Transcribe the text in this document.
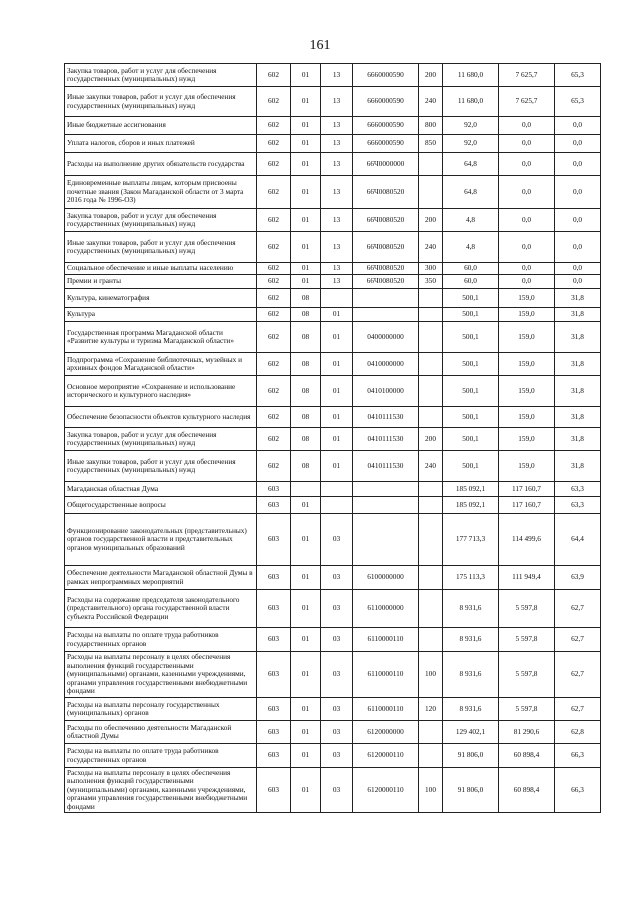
161
Закупка товаров, работ и услуг для обеспечения государственных (муниципальных) нужд	602	01	13	6660000590	200	11 680,0	7 625,7	65,3
Иные закупки товаров, работ и услуг для обеспечения государственных (муниципальных) нужд	602	01	13	6660000590	240	11 680,0	7 625,7	65,3
Иные бюджетные ассигнования	602	01	13	6660000590	800	92,0	0,0	0,0
Уплата налогов, сборов и иных платежей	602	01	13	6660000590	850	92,0	0,0	0,0
Расходы на выполнение других обязательств государства	602	01	13	66Ч0000000		64,8	0,0	0,0
Единовременные выплаты лицам, которым присвоены почетные звания (Закон Магаданской области от 3 марта 2016 года № 1996-ОЗ)	602	01	13	66Ч0080520		64,8	0,0	0,0
Закупка товаров, работ и услуг для обеспечения государственных (муниципальных) нужд	602	01	13	66Ч0080520	200	4,8	0,0	0,0
Иные закупки товаров, работ и услуг для обеспечения государственных (муниципальных) нужд	602	01	13	66Ч0080520	240	4,8	0,0	0,0
Социальное обеспечение и иные выплаты населению	602	01	13	66Ч0080520	300	60,0	0,0	0,0
Премии и гранты	602	01	13	66Ч0080520	350	60,0	0,0	0,0
Культура, кинематография	602	08				500,1	159,0	31,8
Культура	602	08	01			500,1	159,0	31,8
Государственная программа Магаданской области «Развитие культуры и туризма Магаданской области»	602	08	01	0400000000		500,1	159,0	31,8
Подпрограмма «Сохранение библиотечных, музейных и архивных фондов Магаданской области»	602	08	01	0410000000		500,1	159,0	31,8
Основное мероприятие «Сохранение и использование исторического и культурного наследия»	602	08	01	0410100000		500,1	159,0	31,8
Обеспечение безопасности объектов культурного наследия	602	08	01	0410111530		500,1	159,0	31,8
Закупка товаров, работ и услуг для обеспечения государственных (муниципальных) нужд	602	08	01	0410111530	200	500,1	159,0	31,8
Иные закупки товаров, работ и услуг для обеспечения государственных (муниципальных) нужд	602	08	01	0410111530	240	500,1	159,0	31,8
Магаданская областная Дума	603					185 092,1	117 160,7	63,3
Общегосударственные вопросы	603	01				185 092,1	117 160,7	63,3
Функционирование законодательных (представительных) органов государственной власти и представительных органов муниципальных образований	603	01	03			177 713,3	114 499,6	64,4
Обеспечение деятельности Магаданской областной Думы в рамках непрограммных мероприятий	603	01	03	6100000000		175 113,3	111 949,4	63,9
Расходы на содержание председателя законодательного (представительного) органа государственной власти субъекта Российской Федерации	603	01	03	6110000000		8 931,6	5 597,8	62,7
Расходы на выплаты по оплате труда работников государственных органов	603	01	03	6110000110		8 931,6	5 597,8	62,7
Расходы на выплаты персоналу в целях обеспечения выполнения функций государственными (муниципальными) органами, казенными учреждениями, органами управления государственными внебюджетными фондами	603	01	03	6110000110	100	8 931,6	5 597,8	62,7
Расходы на выплаты персоналу государственных (муниципальных) органов	603	01	03	6110000110	120	8 931,6	5 597,8	62,7
Расходы по обеспечению деятельности Магаданской областной Думы	603	01	03	6120000000		129 402,1	81 290,6	62,8
Расходы на выплаты по оплате труда работников государственных органов	603	01	03	6120000110		91 806,0	60 898,4	66,3
Расходы на выплаты персоналу в целях обеспечения выполнения функций государственными (муниципальными) органами, казенными учреждениями, органами управления государственными внебюджетными фондами	603	01	03	6120000110	100	91 806,0	60 898,4	66,3
